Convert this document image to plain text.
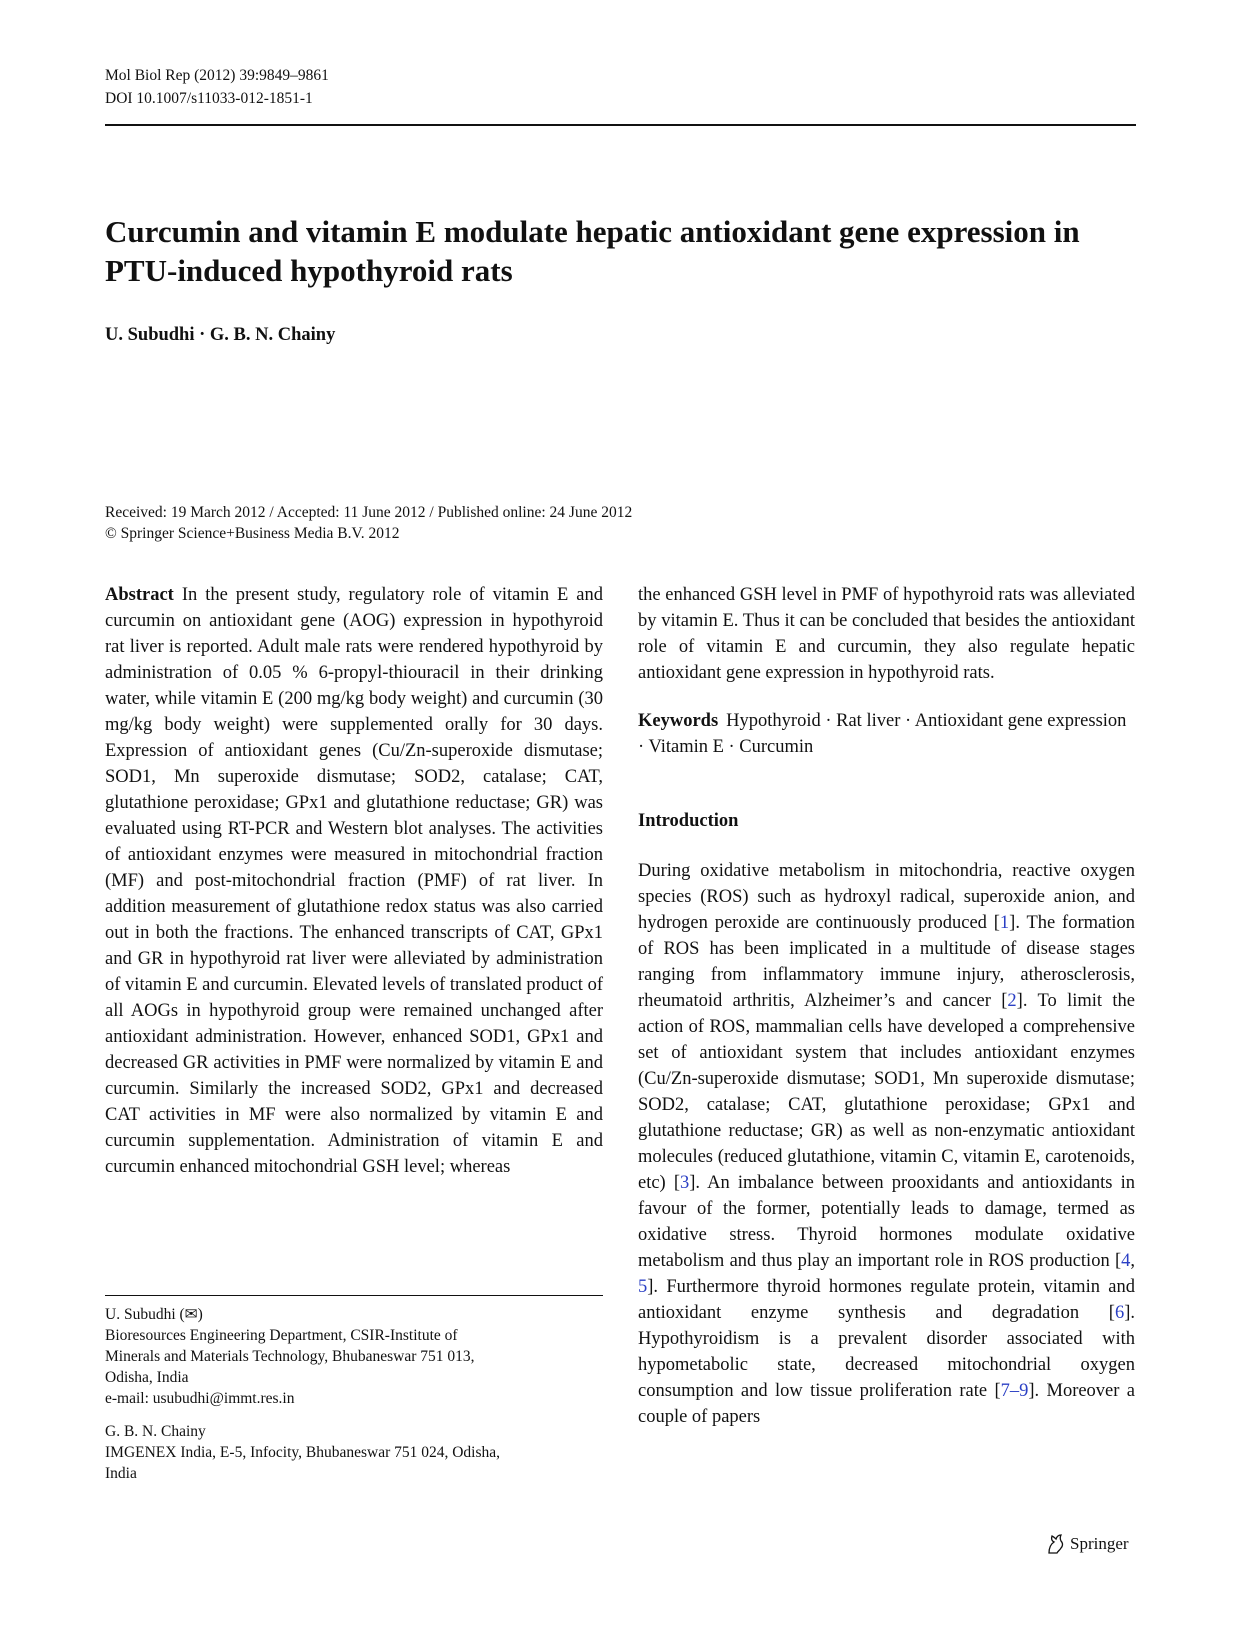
Mol Biol Rep (2012) 39:9849–9861
DOI 10.1007/s11033-012-1851-1
Curcumin and vitamin E modulate hepatic antioxidant gene expression in PTU-induced hypothyroid rats
U. Subudhi · G. B. N. Chainy
Received: 19 March 2012 / Accepted: 11 June 2012 / Published online: 24 June 2012
© Springer Science+Business Media B.V. 2012

Abstract In the present study, regulatory role of vitamin E and curcumin on antioxidant gene (AOG) expression in hypothyroid rat liver is reported. Adult male rats were rendered hypothyroid by administration of 0.05 % 6-propyl-thiouracil in their drinking water, while vitamin E (200 mg/kg body weight) and curcumin (30 mg/kg body weight) were supplemented orally for 30 days. Expression of antioxidant genes (Cu/Zn-superoxide dismutase; SOD1, Mn superoxide dismutase; SOD2, catalase; CAT, glutathione peroxidase; GPx1 and glutathione reductase; GR) was evaluated using RT-PCR and Western blot analyses. The activities of antioxidant enzymes were measured in mitochondrial fraction (MF) and post-mitochondrial fraction (PMF) of rat liver. In addition measurement of glutathione redox status was also carried out in both the fractions. The enhanced transcripts of CAT, GPx1 and GR in hypothyroid rat liver were alleviated by administration of vitamin E and curcumin. Elevated levels of translated product of all AOGs in hypothyroid group were remained unchanged after antioxidant administration. However, enhanced SOD1, GPx1 and decreased GR activities in PMF were normalized by vitamin E and curcumin. Similarly the increased SOD2, GPx1 and decreased CAT activities in MF were also normalized by vitamin E and curcumin supplementation. Administration of vitamin E and curcumin enhanced mitochondrial GSH level; whereas

the enhanced GSH level in PMF of hypothyroid rats was alleviated by vitamin E. Thus it can be concluded that besides the antioxidant role of vitamin E and curcumin, they also regulate hepatic antioxidant gene expression in hypothyroid rats.

Keywords Hypothyroid · Rat liver · Antioxidant gene expression · Vitamin E · Curcumin

Introduction

During oxidative metabolism in mitochondria, reactive oxygen species (ROS) such as hydroxyl radical, superoxide anion, and hydrogen peroxide are continuously produced [1]. The formation of ROS has been implicated in a multitude of disease stages ranging from inflammatory immune injury, atherosclerosis, rheumatoid arthritis, Alzheimer’s and cancer [2]. To limit the action of ROS, mammalian cells have developed a comprehensive set of antioxidant system that includes antioxidant enzymes (Cu/Zn-superoxide dismutase; SOD1, Mn superoxide dismutase; SOD2, catalase; CAT, glutathione peroxidase; GPx1 and glutathione reductase; GR) as well as non-enzymatic antioxidant molecules (reduced glutathione, vitamin C, vitamin E, carotenoids, etc) [3]. An imbalance between prooxidants and antioxidants in favour of the former, potentially leads to damage, termed as oxidative stress. Thyroid hormones modulate oxidative metabolism and thus play an important role in ROS production [4, 5]. Furthermore thyroid hormones regulate protein, vitamin and antioxidant enzyme synthesis and degradation [6]. Hypothyroidism is a prevalent disorder associated with hypometabolic state, decreased mitochondrial oxygen consumption and low tissue proliferation rate [7–9]. Moreover a couple of papers

U. Subudhi (✉)

Bioresources Engineering Department, CSIR-Institute of

Minerals and Materials Technology, Bhubaneswar 751 013,

Odisha, India

e-mail: usubudhi@immt.res.in

G. B. N. Chainy

IMGENEX India, E-5, Infocity, Bhubaneswar 751 024, Odisha,

India

Springer
